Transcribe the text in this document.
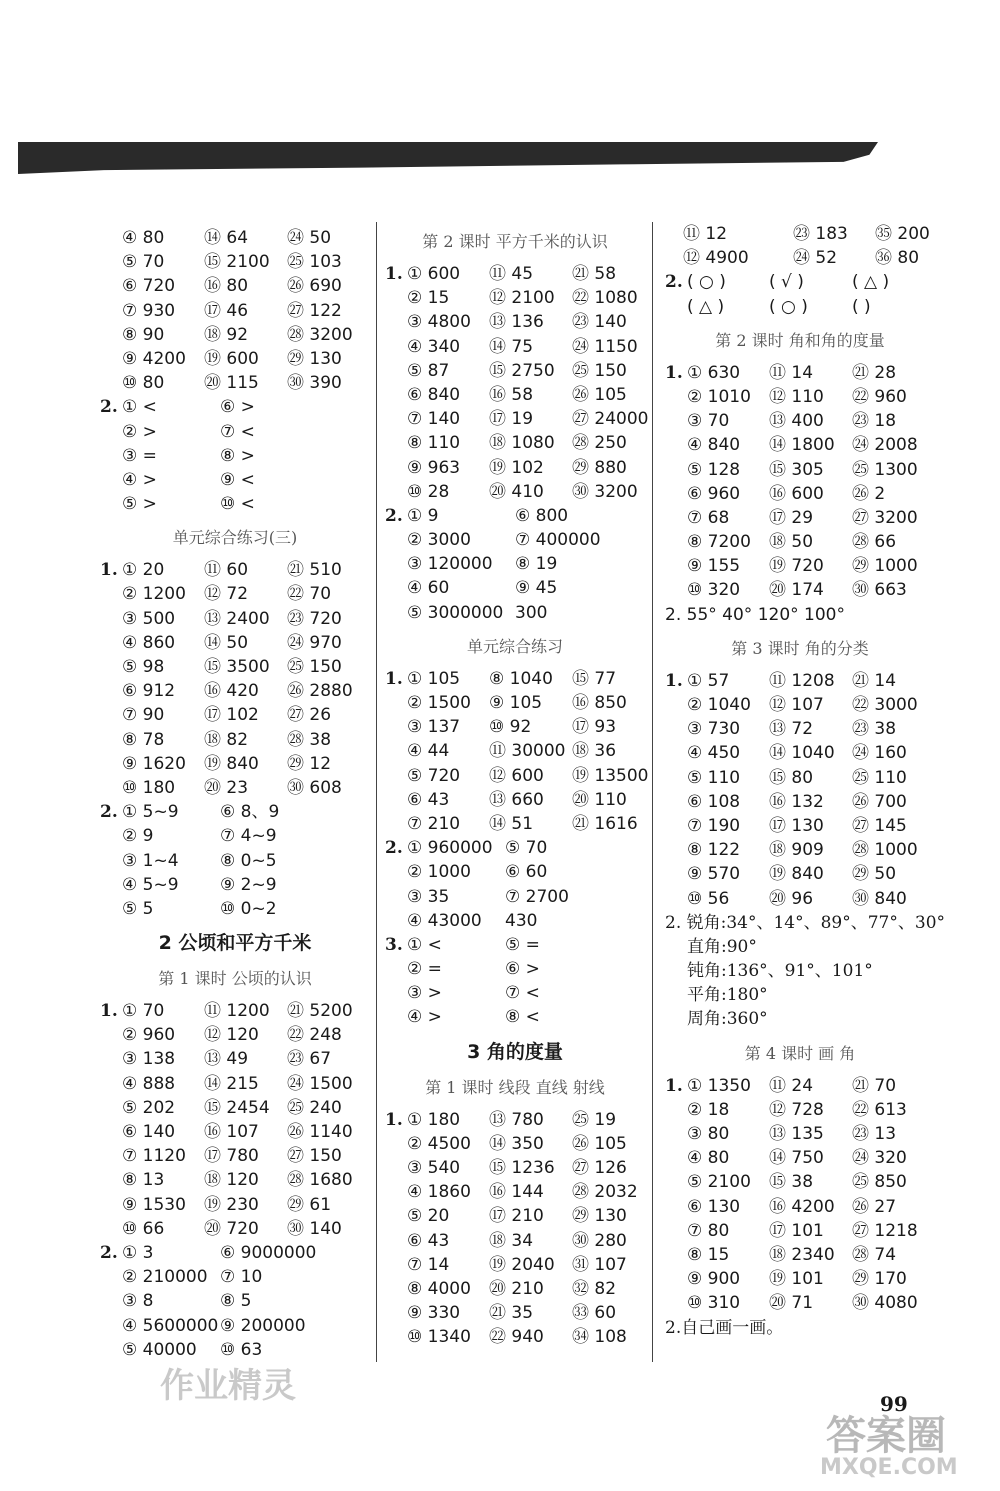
④ 80 ⑭ 64 ㉔ 50
⑤ 70 ⑮ 2100 ㉕ 103
⑥ 720 ⑯ 80 ㉖ 690
⑦ 930 ⑰ 46 ㉗ 122
⑧ 90 ⑱ 92 ㉘ 3200
⑨ 4200 ⑲ 600 ㉙ 130
⑩ 80 ⑳ 115 ㉚ 390
2. ① <	⑥ >
② >	⑦ <
③ =	⑧ >
④ >	⑨ <
⑤ >	⑩ <
单元综合练习(三)
1. ① 20 ⑪ 60 ㉑ 510
② 1200 ⑫ 72 ㉒ 70
③ 500 ⑬ 2400 ㉓ 720
④ 860 ⑭ 50 ㉔ 970
⑤ 98 ⑮ 3500 ㉕ 150
⑥ 912 ⑯ 420 ㉖ 2880
⑦ 90 ⑰ 102 ㉗ 26
⑧ 78 ⑱ 82 ㉘ 38
⑨ 1620 ⑲ 840 ㉙ 12
⑩ 180 ⑳ 23 ㉚ 608
2. ① 5~9 ⑥ 8、9
② 9	⑦ 4~9
③ 1~4 ⑧ 0~5
④ 5~9 ⑨ 2~9
⑤ 5	⑩ 0~2
2 公顷和平方千米
第 1 课时 公顷的认识
1. ① 70 ⑪ 1200 ㉑ 5200
② 960 ⑫ 120 ㉒ 248
③ 138 ⑬ 49 ㉓ 67
④ 888 ⑭ 215 ㉔ 1500
⑤ 202 ⑮ 2454 ㉕ 240
⑥ 140 ⑯ 107 ㉖ 1140
⑦ 1120 ⑰ 780 ㉗ 150
⑧ 13 ⑱ 120 ㉘ 1680
⑨ 1530 ⑲ 230 ㉙ 61
⑩ 66 ⑳ 720 ㉚ 140
2. ① 3	⑥ 9000000
② 210000 ⑦ 10
③ 8	⑧ 5
④ 5600000 ⑨ 200000
⑤ 40000 ⑩ 63
第 2 课时 平方千米的认识
1. ① 600 ⑪ 45 ㉑ 58
② 15 ⑫ 2100 ㉒ 1080
③ 4800 ⑬ 136 ㉓ 140
④ 340 ⑭ 75 ㉔ 1150
⑤ 87 ⑮ 2750 ㉕ 150
⑥ 840 ⑯ 58 ㉖ 105
⑦ 140 ⑰ 19 ㉗ 24000
⑧ 110 ⑱ 1080 ㉘ 250
⑨ 963 ⑲ 102 ㉙ 880
⑩ 28 ⑳ 410 ㉚ 3200
2. ① 9	⑥ 800
② 3000	⑦ 400000
③ 120000 ⑧ 19
④ 60	⑨ 45
⑤ 3000000 300
单元综合练习
1. ① 105 ⑧ 1040 ⑮ 77
② 1500 ⑨ 105 ⑯ 850
③ 137 ⑩ 92 ⑰ 93
④ 44 ⑪ 30000 ⑱ 36
⑤ 720 ⑫ 600 ⑲ 13500
⑥ 43 ⑬ 660 ⑳ 110
⑦ 210 ⑭ 51 ㉑ 1616
2. ① 960000 ⑤ 70
② 1000 ⑥ 60
③ 35	⑦ 2700
④ 43000 430
3. ① <	⑤ =
② =	⑥ >
③ >	⑦ <
④ >	⑧ <
3 角的度量
第 1 课时 线段 直线 射线
1. ① 180 ⑬ 780 ㉕ 19
② 4500 ⑭ 350 ㉖ 105
③ 540 ⑮ 1236 ㉗ 126
④ 1860 ⑯ 144 ㉘ 2032
⑤ 20 ⑰ 210 ㉙ 130
⑥ 43 ⑱ 34 ㉚ 280
⑦ 14 ⑲ 2040 ㉛ 107
⑧ 4000 ⑳ 210 ㉜ 82
⑨ 330 ㉑ 35 ㉝ 60
⑩ 1340 ㉒ 940 ㉞ 108
⑪ 12	㉓ 183 ㉟ 200
⑫ 4900	㉔ 52 ㊱ 80
2. ( ○ )	( √ )	( △ )
( △ )	( ○ )	( )
第 2 课时 角和角的度量
1. ① 630 ⑪ 14 ㉑ 28
② 1010 ⑫ 110 ㉒ 960
③ 70 ⑬ 400 ㉓ 18
④ 840 ⑭ 1800 ㉔ 2008
⑤ 128 ⑮ 305 ㉕ 1300
⑥ 960 ⑯ 600 ㉖ 2
⑦ 68 ⑰ 29 ㉗ 3200
⑧ 7200 ⑱ 50 ㉘ 66
⑨ 155 ⑲ 720 ㉙ 1000
⑩ 320 ⑳ 174 ㉚ 663
2. 55° 40° 120° 100°
第 3 课时 角的分类
1. ① 57 ⑪ 1208 ㉑ 14
② 1040 ⑫ 107 ㉒ 3000
③ 730 ⑬ 72 ㉓ 38
④ 450 ⑭ 1040 ㉔ 160
⑤ 110 ⑮ 80 ㉕ 110
⑥ 108 ⑯ 132 ㉖ 700
⑦ 190 ⑰ 130 ㉗ 145
⑧ 122 ⑱ 909 ㉘ 1000
⑨ 570 ⑲ 840 ㉙ 50
⑩ 56 ⑳ 96 ㉚ 840
2. 锐角:34°、14°、89°、77°、30°
直角:90°
钝角:136°、91°、101°
平角:180°
周角:360°
第 4 课时 画 角
1. ① 1350 ⑪ 24 ㉑ 70
② 18 ⑫ 728 ㉒ 613
③ 80 ⑬ 135 ㉓ 13
④ 80 ⑭ 750 ㉔ 320
⑤ 2100 ⑮ 38 ㉕ 850
⑥ 130 ⑯ 4200 ㉖ 27
⑦ 80 ⑰ 101 ㉗ 1218
⑧ 15 ⑱ 2340 ㉘ 74
⑨ 900 ⑲ 101 ㉙ 170
⑩ 310 ⑳ 71 ㉚ 4080
2.自己画一画。
99
作业精灵
答案圈
MXQE.COM
